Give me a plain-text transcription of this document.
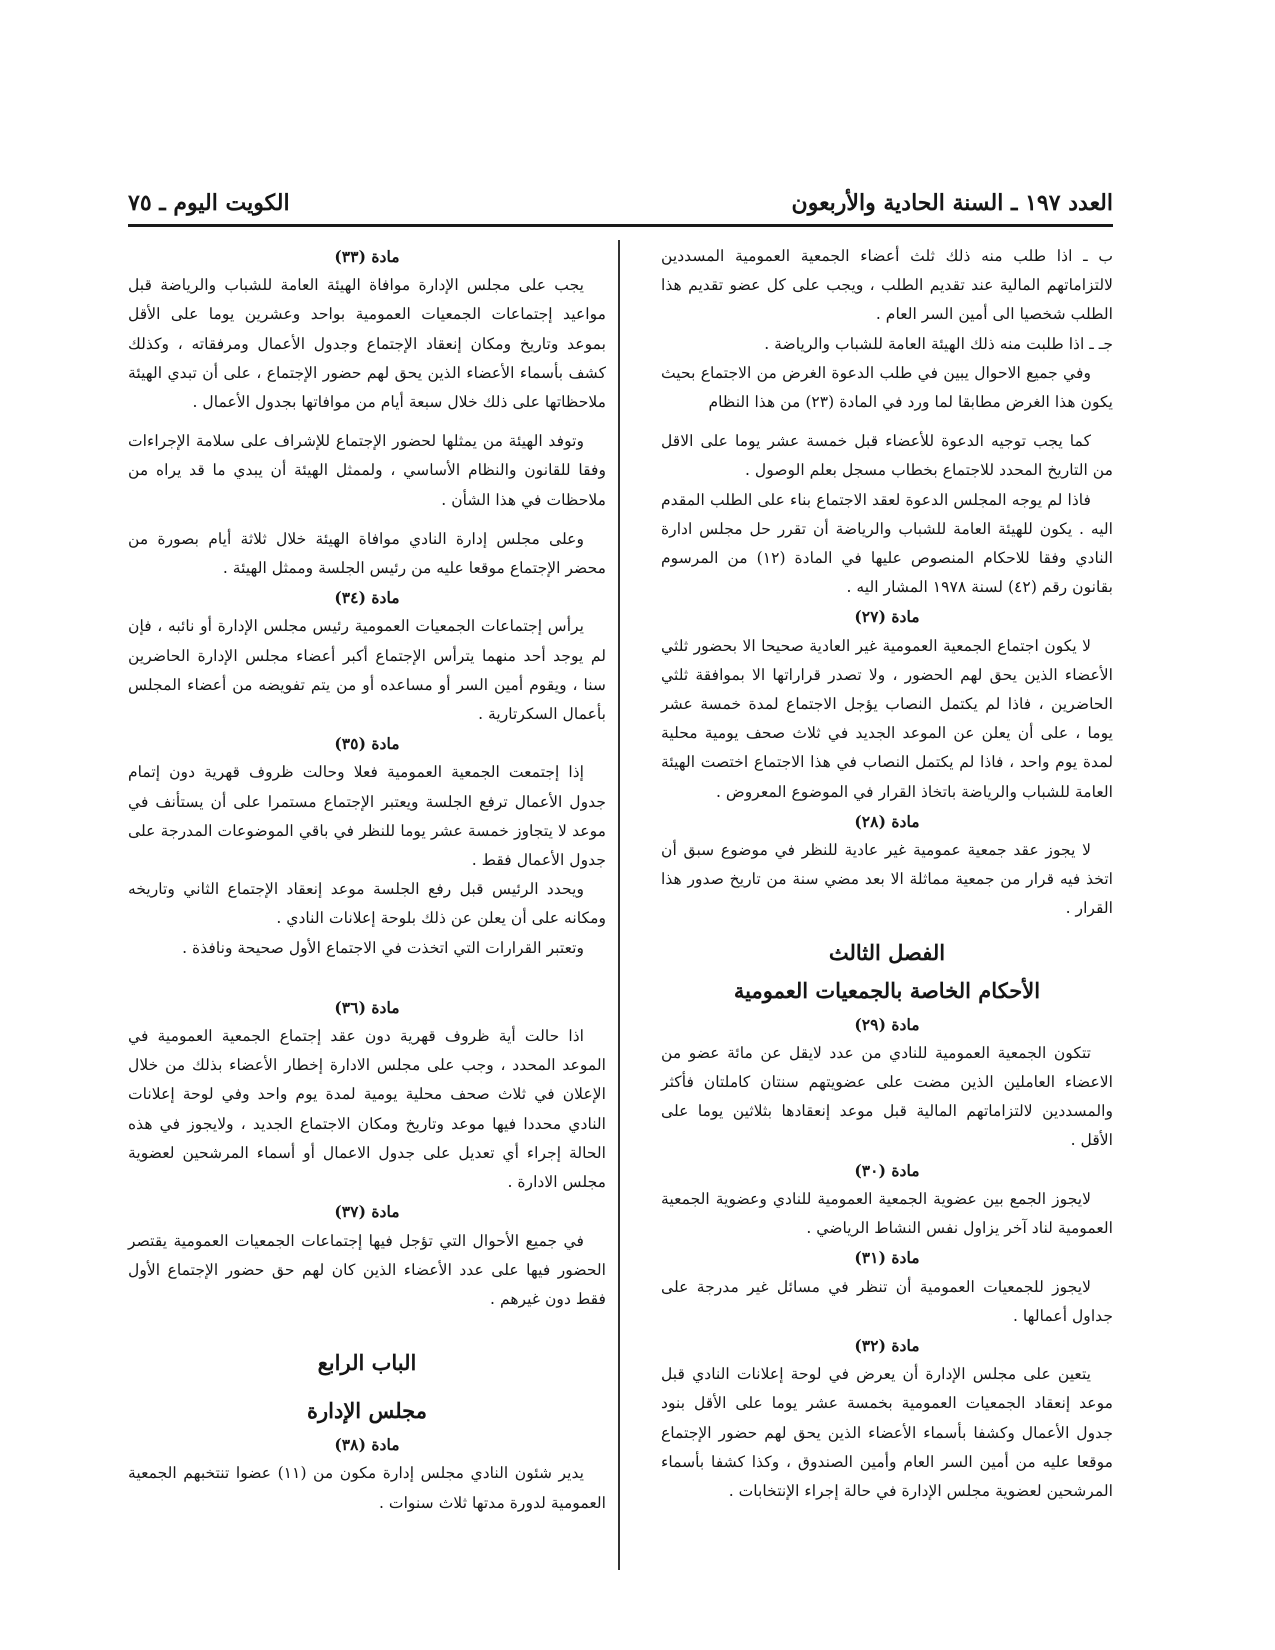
العدد ١٩٧ ـ السنة الحادية والأربعون
الكويت اليوم ـ ٧٥

ب ـ اذا طلب منه ذلك ثلث أعضاء الجمعية العمومية المسددين لالتزاماتهم المالية عند تقديم الطلب ، ويجب على كل عضو تقديم هذا الطلب شخصيا الى أمين السر العام .

جـ ـ اذا طلبت منه ذلك الهيئة العامة للشباب والرياضة .

وفي جميع الاحوال يبين في طلب الدعوة الغرض من الاجتماع بحيث يكون هذا الغرض مطابقا لما ورد في المادة (٢٣) من هذا النظام

كما يجب توجيه الدعوة للأعضاء قبل خمسة عشر يوما على الاقل من التاريخ المحدد للاجتماع بخطاب مسجل بعلم الوصول .

فاذا لم يوجه المجلس الدعوة لعقد الاجتماع بناء على الطلب المقدم اليه . يكون للهيئة العامة للشباب والرياضة أن تقرر حل مجلس ادارة النادي وفقا للاحكام المنصوص عليها في المادة (١٢) من المرسوم بقانون رقم (٤٢) لسنة ١٩٧٨ المشار اليه .

مادة (٢٧)

لا يكون اجتماع الجمعية العمومية غير العادية صحيحا الا بحضور ثلثي الأعضاء الذين يحق لهم الحضور ، ولا تصدر قراراتها الا بموافقة ثلثي الحاضرين ، فاذا لم يكتمل النصاب يؤجل الاجتماع لمدة خمسة عشر يوما ، على أن يعلن عن الموعد الجديد في ثلاث صحف يومية محلية لمدة يوم واحد ، فاذا لم يكتمل النصاب في هذا الاجتماع اختصت الهيئة العامة للشباب والرياضة باتخاذ القرار في الموضوع المعروض .

مادة (٢٨)

لا يجوز عقد جمعية عمومية غير عادية للنظر في موضوع سبق أن اتخذ فيه قرار من جمعية مماثلة الا بعد مضي سنة من تاريخ صدور هذا القرار .

الفصل الثالث
الأحكام الخاصة بالجمعيات العمومية
مادة (٢٩)

تتكون الجمعية العمومية للنادي من عدد لايقل عن مائة عضو من الاعضاء العاملين الذين مضت على عضويتهم سنتان كاملتان فأكثر والمسددين لالتزاماتهم المالية قبل موعد إنعقادها بثلاثين يوما على الأقل .

مادة (٣٠)

لايجوز الجمع بين عضوية الجمعية العمومية للنادي وعضوية الجمعية العمومية لناد آخر يزاول نفس النشاط الرياضي .

مادة (٣١)

لايجوز للجمعيات العمومية أن تنظر في مسائل غير مدرجة على جداول أعمالها .

مادة (٣٢)

يتعين على مجلس الإدارة أن يعرض في لوحة إعلانات النادي قبل موعد إنعقاد الجمعيات العمومية بخمسة عشر يوما على الأقل بنود جدول الأعمال وكشفا بأسماء الأعضاء الذين يحق لهم حضور الإجتماع موقعا عليه من أمين السر العام وأمين الصندوق ، وكذا كشفا بأسماء المرشحين لعضوية مجلس الإدارة في حالة إجراء الإنتخابات .

مادة (٣٣)

يجب على مجلس الإدارة موافاة الهيئة العامة للشباب والرياضة قبل مواعيد إجتماعات الجمعيات العمومية بواحد وعشرين يوما على الأقل بموعد وتاريخ ومكان إنعقاد الإجتماع وجدول الأعمال ومرفقاته ، وكذلك كشف بأسماء الأعضاء الذين يحق لهم حضور الإجتماع ، على أن تبدي الهيئة ملاحظاتها على ذلك خلال سبعة أيام من موافاتها بجدول الأعمال .

وتوفد الهيئة من يمثلها لحضور الإجتماع للإشراف على سلامة الإجراءات وفقا للقانون والنظام الأساسي ، ولممثل الهيئة أن يبدي ما قد يراه من ملاحظات في هذا الشأن .

وعلى مجلس إدارة النادي موافاة الهيئة خلال ثلاثة أيام بصورة من محضر الإجتماع موقعا عليه من رئيس الجلسة وممثل الهيئة .

مادة (٣٤)

يرأس إجتماعات الجمعيات العمومية رئيس مجلس الإدارة أو نائبه ، فإن لم يوجد أحد منهما يترأس الإجتماع أكبر أعضاء مجلس الإدارة الحاضرين سنا ، ويقوم أمين السر أو مساعده أو من يتم تفويضه من أعضاء المجلس بأعمال السكرتارية .

مادة (٣٥)

إذا إجتمعت الجمعية العمومية فعلا وحالت ظروف قهرية دون إتمام جدول الأعمال ترفع الجلسة ويعتبر الإجتماع مستمرا على أن يستأنف في موعد لا يتجاوز خمسة عشر يوما للنظر في باقي الموضوعات المدرجة على جدول الأعمال فقط .

ويحدد الرئيس قبل رفع الجلسة موعد إنعقاد الإجتماع الثاني وتاريخه ومكانه على أن يعلن عن ذلك بلوحة إعلانات النادي .

وتعتبر القرارات التي اتخذت في الاجتماع الأول صحيحة ونافذة .

مادة (٣٦)

اذا حالت أية ظروف قهرية دون عقد إجتماع الجمعية العمومية في الموعد المحدد ، وجب على مجلس الادارة إخطار الأعضاء بذلك من خلال الإعلان في ثلاث صحف محلية يومية لمدة يوم واحد وفي لوحة إعلانات النادي محددا فيها موعد وتاريخ ومكان الاجتماع الجديد ، ولايجوز في هذه الحالة إجراء أي تعديل على جدول الاعمال أو أسماء المرشحين لعضوية مجلس الادارة .

مادة (٣٧)

في جميع الأحوال التي تؤجل فيها إجتماعات الجمعيات العمومية يقتصر الحضور فيها على عدد الأعضاء الذين كان لهم حق حضور الإجتماع الأول فقط دون غيرهم .

الباب الرابع
مجلس الإدارة
مادة (٣٨)

يدير شئون النادي مجلس إدارة مكون من (١١) عضوا تنتخبهم الجمعية العمومية لدورة مدتها ثلاث سنوات .
